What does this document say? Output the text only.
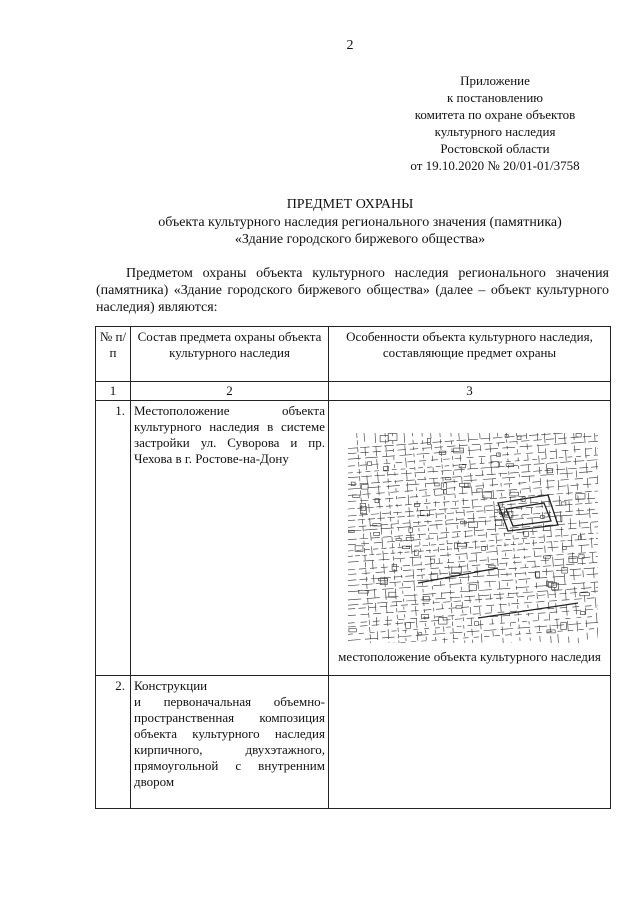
2
Приложение
к постановлению
комитета по охране объектов
культурного наследия
Ростовской области
от 19.10.2020 № 20/01-01/3758
ПРЕДМЕТ ОХРАНЫ
объекта культурного наследия регионального значения (памятника)
«Здание городского биржевого общества»
Предметом охраны объекта культурного наследия регионального значения (памятника) «Здание городского биржевого общества» (далее – объект культурного наследия) являются:
№ п/п	Состав предмета охраны объекта культурного наследия	Особенности объекта культурного наследия, составляющие предмет охраны
1	2	3
1.	Местоположение объекта культурного наследия в системе застройки ул. Суворова и пр. Чехова в г. Ростове-на-Дону	местоположение объекта культурного наследия

2.	Конструкции
и первоначальная объемно-пространственная композиция объекта культурного наследия кирпичного, двухэтажного, прямоугольной с внутренним двором	
